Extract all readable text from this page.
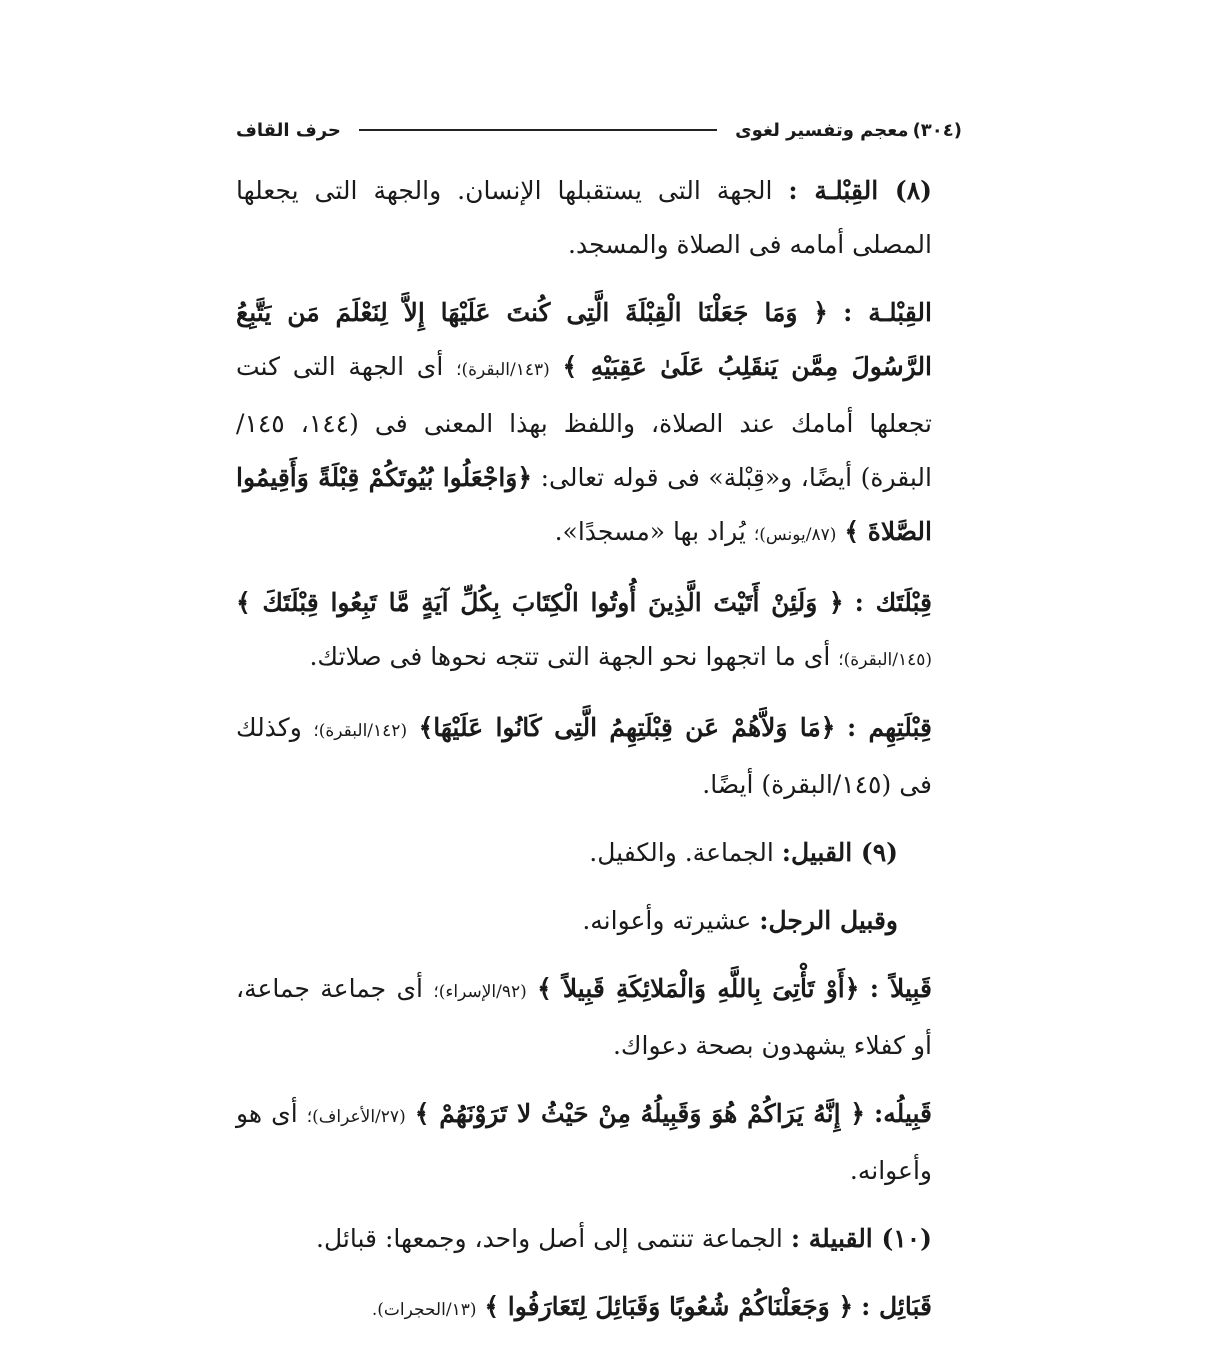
(٣٠٤)
معجم وتفسير لغوى
حرف القاف

(٨) القِبْلـة : الجهة التى يستقبلها الإنسان. والجهة التى يجعلها المصلى أمامه فى الصلاة والمسجد.

القِبْلـة : ﴿ وَمَا جَعَلْنَا الْقِبْلَةَ الَّتِى كُنتَ عَلَيْهَا إِلاَّ لِنَعْلَمَ مَن يَتَّبِعُ الرَّسُولَ مِمَّن يَنقَلِبُ عَلَىٰ عَقِبَيْهِ ﴾ (١٤٣/البقرة)؛ أى الجهة التى كنت تجعلها أمامك عند الصلاة، واللفظ بهذا المعنى فى (١٤٤، ١٤٥/ البقرة) أيضًا، و«قِبْلة» فى قوله تعالى: ﴿وَاجْعَلُوا بُيُوتَكُمْ قِبْلَةً وَأَقِيمُوا الصَّلاةَ ﴾ (٨٧/يونس)؛ يُراد بها «مسجدًا».

قِبْلَتَك : ﴿ وَلَئِنْ أَتَيْتَ الَّذِينَ أُوتُوا الْكِتَابَ بِكُلِّ آيَةٍ مَّا تَبِعُوا قِبْلَتَكَ ﴾ (١٤٥/البقرة)؛ أى ما اتجهوا نحو الجهة التى تتجه نحوها فى صلاتك.

قِبْلَتِهِم : ﴿مَا وَلاَّهُمْ عَن قِبْلَتِهِمُ الَّتِى كَانُوا عَلَيْهَا﴾ (١٤٢/البقرة)؛ وكذلك فى (١٤٥/البقرة) أيضًا.

(٩) القبيل: الجماعة. والكفيل.

وقبيل الرجل: عشيرته وأعوانه.

قَبِيلاً : ﴿أَوْ تَأْتِىَ بِاللَّهِ وَالْمَلائِكَةِ قَبِيلاً ﴾ (٩٢/الإسراء)؛ أى جماعة جماعة، أو كفلاء يشهدون بصحة دعواك.

قَبِيلُه: ﴿ إِنَّهُ يَرَاكُمْ هُوَ وَقَبِيلُهُ مِنْ حَيْثُ لا تَرَوْنَهُمْ ﴾ (٢٧/الأعراف)؛ أى هو وأعوانه.

(١٠) القبيلة : الجماعة تنتمى إلى أصل واحد، وجمعها: قبائل.

قَبَائِل : ﴿ وَجَعَلْنَاكُمْ شُعُوبًا وَقَبَائِلَ لِتَعَارَفُوا ﴾ (١٣/الحجرات).
